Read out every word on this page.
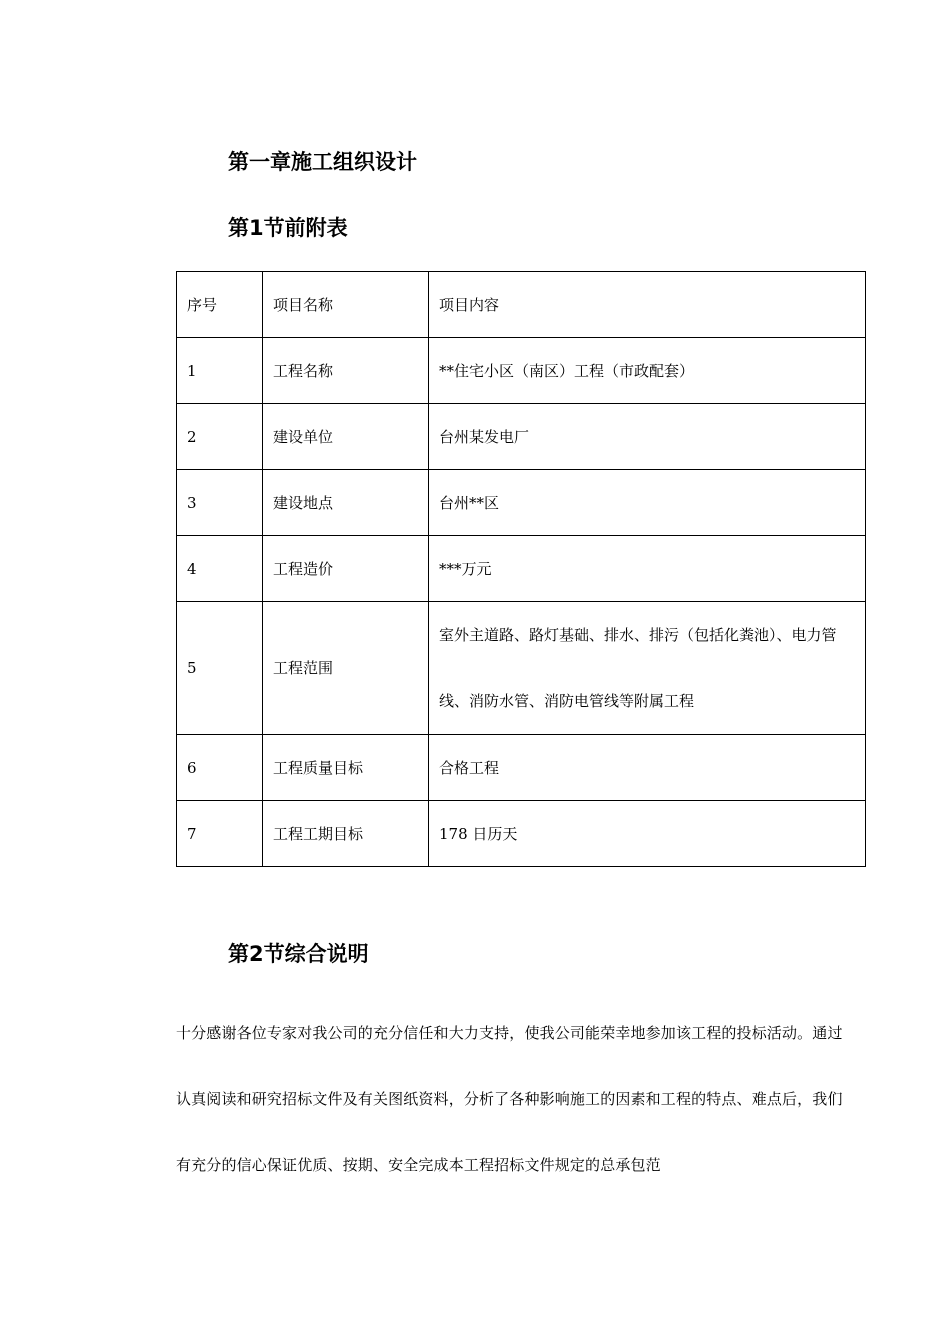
第一章施工组织设计
第1节前附表
序号	项目名称	项目内容
1	工程名称	**住宅小区（南区）工程（市政配套）
2	建设单位	台州某发电厂
3	建设地点	台州**区
4	工程造价	***万元
5	工程范围	室外主道路、路灯基础、排水、排污（包括化粪池）、电力管线、消防水管、消防电管线等附属工程
6	工程质量目标	合格工程
7	工程工期目标	178 日历天
第2节综合说明

十分感谢各位专家对我公司的充分信任和大力支持，使我公司能荣幸地参加该工程的投标活动。通过认真阅读和研究招标文件及有关图纸资料，分析了各种影响施工的因素和工程的特点、难点后，我们有充分的信心保证优质、按期、安全完成本工程招标文件规定的总承包范
